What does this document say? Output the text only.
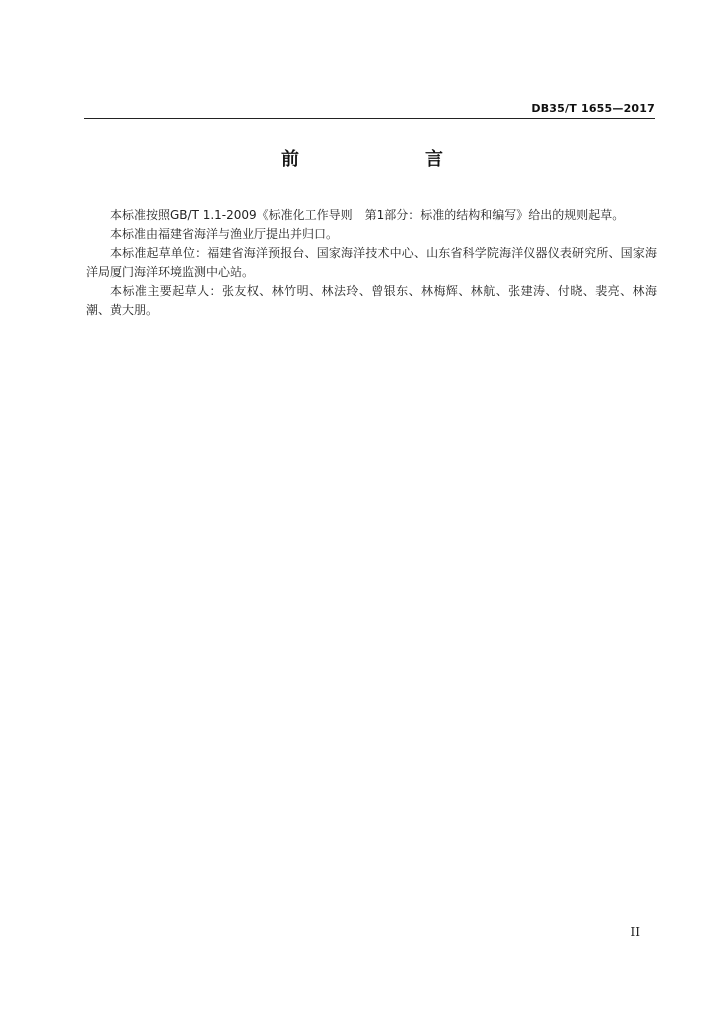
DB35/T 1655—2017
前　　言

本标准按照GB/T 1.1-2009《标准化工作导则　第1部分：标准的结构和编写》给出的规则起草。

本标准由福建省海洋与渔业厅提出并归口。

本标准起草单位：福建省海洋预报台、国家海洋技术中心、山东省科学院海洋仪器仪表研究所、国家海洋局厦门海洋环境监测中心站。

本标准主要起草人：张友权、林竹明、林法玲、曾银东、林梅辉、林航、张建涛、付晓、裴亮、林海潮、黄大朋。

II
